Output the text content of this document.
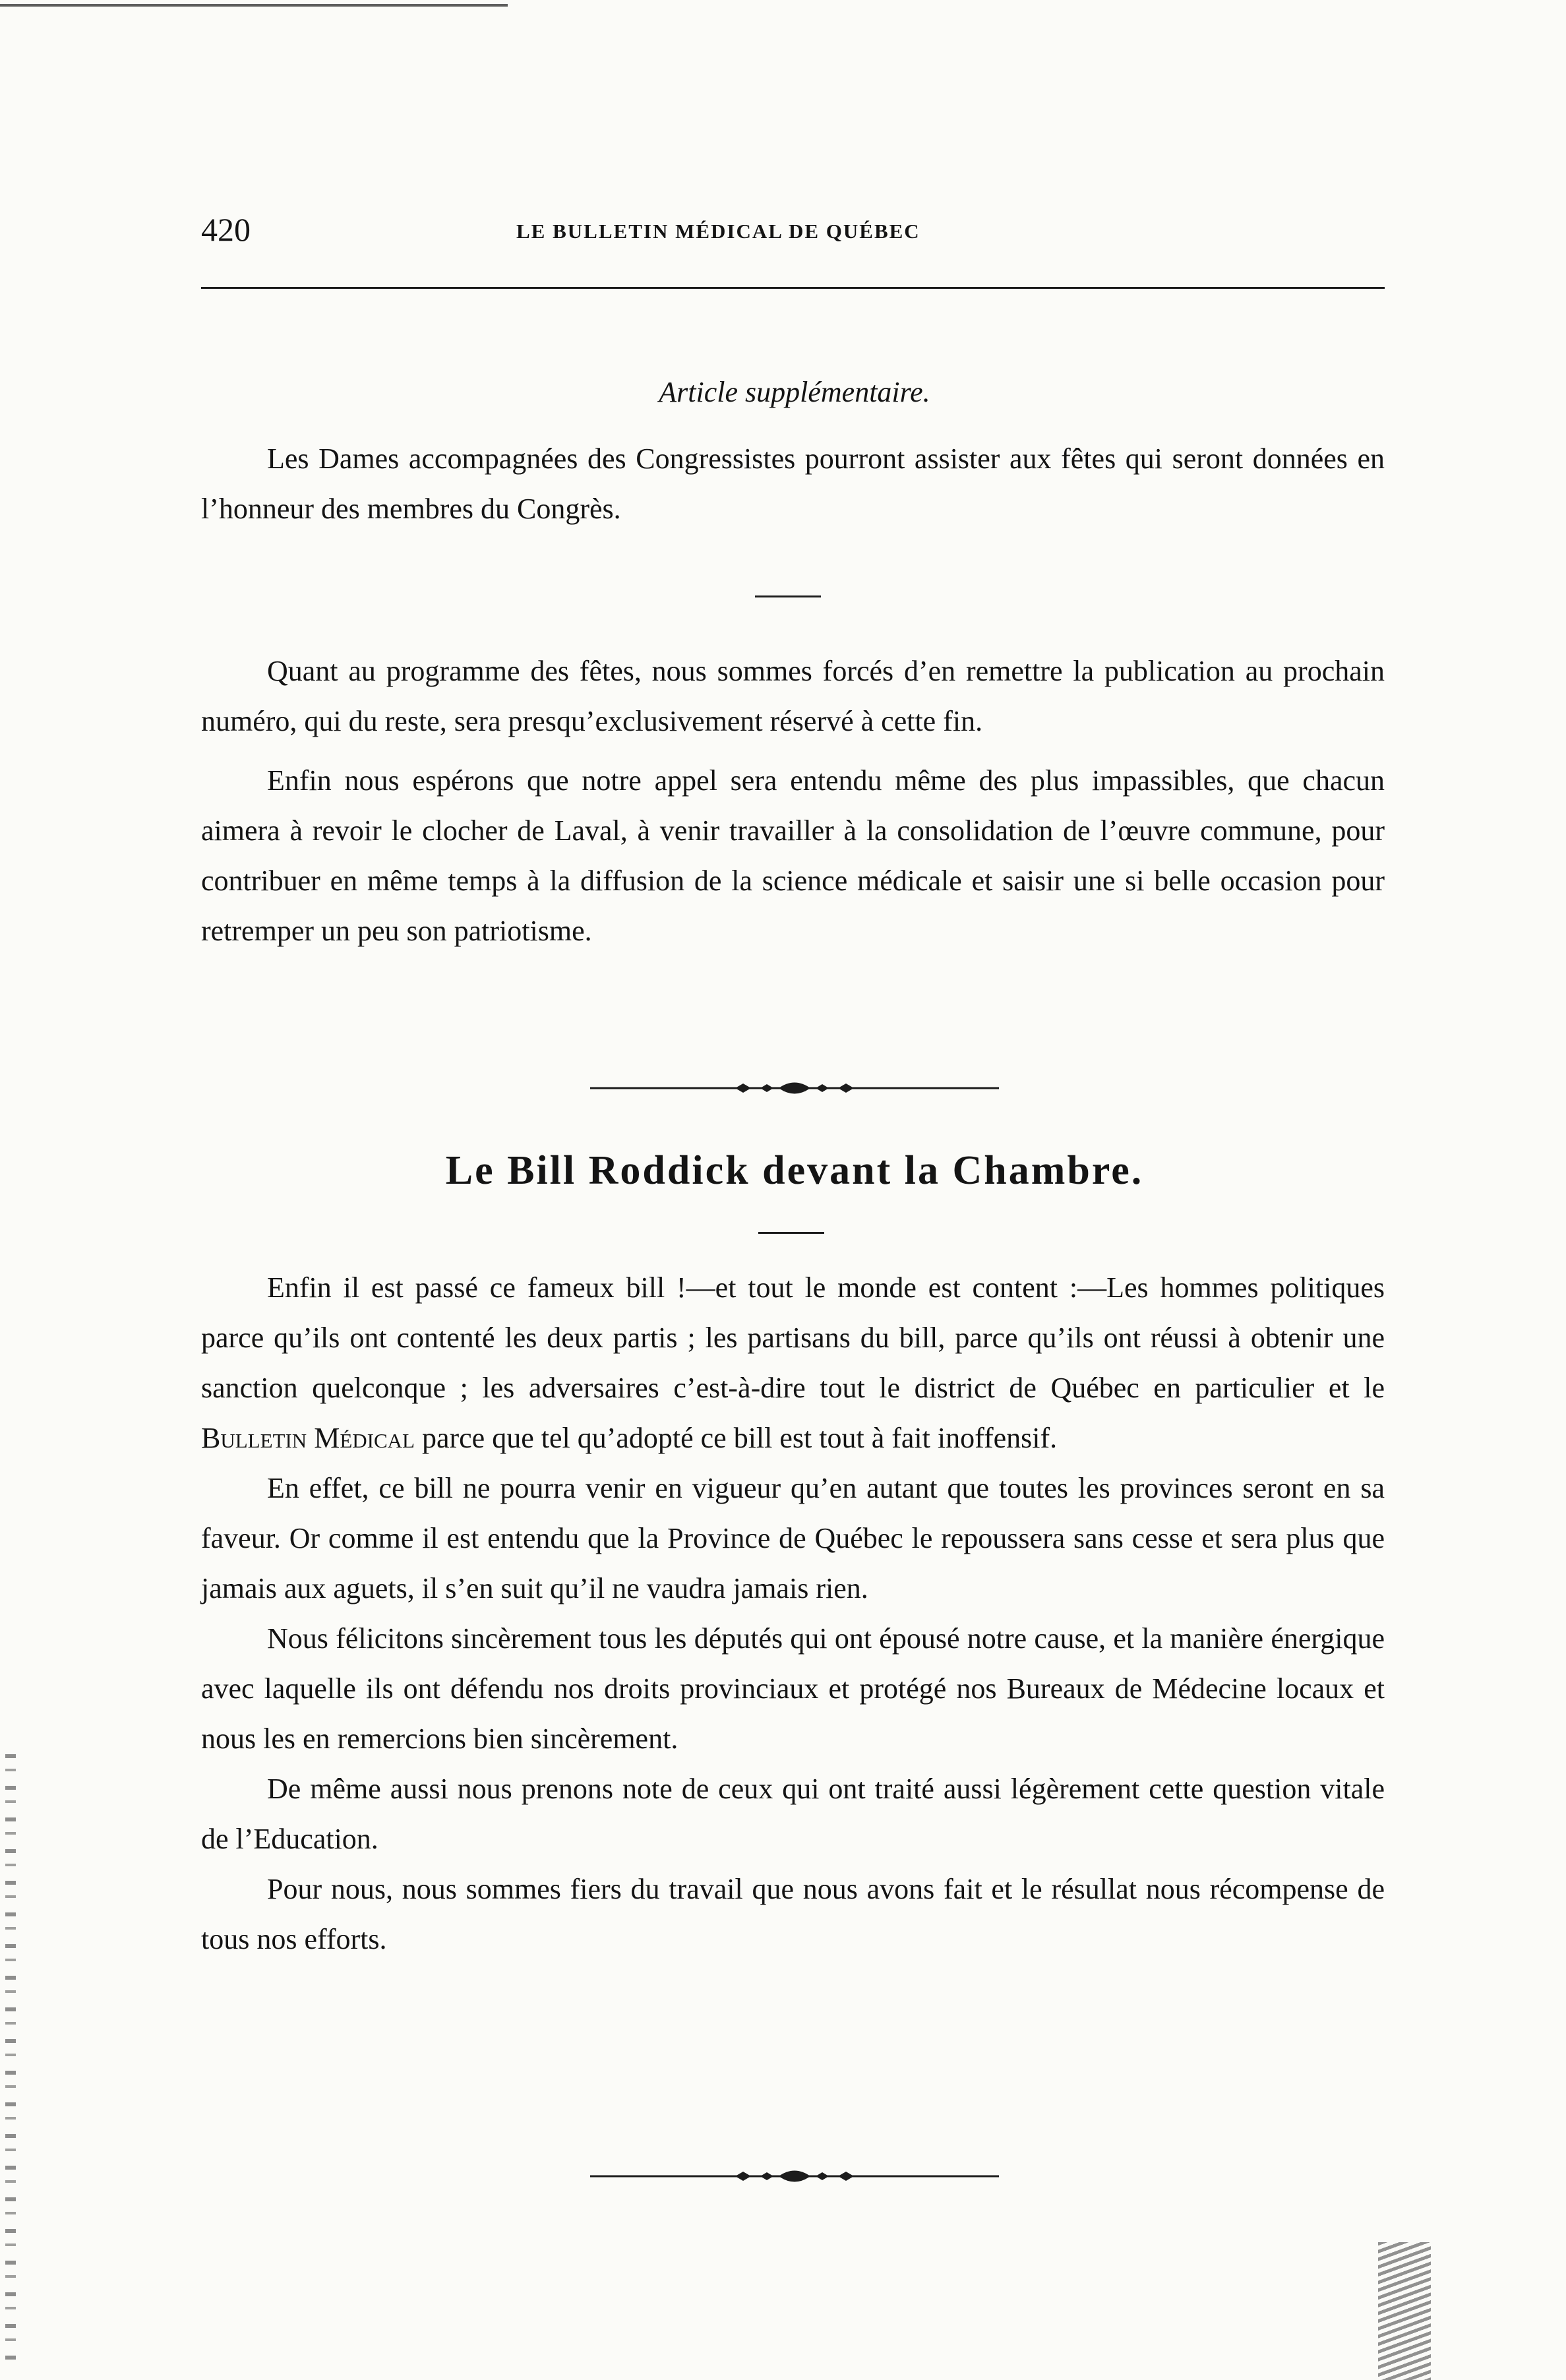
420	LE BULLETIN MÉDICAL DE QUÉBEC
Article supplémentaire.

Les Dames accompagnées des Congressistes pourront assister aux fêtes qui seront données en l’honneur des membres du Congrès.

Quant au programme des fêtes, nous sommes forcés d’en remettre la publication au prochain numéro, qui du reste, sera presqu’exclusivement réservé à cette fin.

Enfin nous espérons que notre appel sera entendu même des plus impassibles, que chacun aimera à revoir le clocher de Laval, à venir travailler à la consolidation de l’œuvre commune, pour contribuer en même temps à la diffusion de la science médicale et saisir une si belle occasion pour retremper un peu son patriotisme.

Le Bill Roddick devant la Chambre.

Enfin il est passé ce fameux bill !—et tout le monde est content :—Les hommes politiques parce qu’ils ont contenté les deux partis ; les partisans du bill, parce qu’ils ont réussi à obtenir une sanction quelconque ; les adversaires c’est-à-dire tout le district de Québec en particulier et le Bulletin Médical parce que tel qu’adopté ce bill est tout à fait inoffensif.

En effet, ce bill ne pourra venir en vigueur qu’en autant que toutes les provinces seront en sa faveur. Or comme il est entendu que la Province de Québec le repoussera sans cesse et sera plus que jamais aux aguets, il s’en suit qu’il ne vaudra jamais rien.

Nous félicitons sincèrement tous les députés qui ont épousé notre cause, et la manière énergique avec laquelle ils ont défendu nos droits provinciaux et protégé nos Bureaux de Médecine locaux et nous les en remercions bien sincèrement.

De même aussi nous prenons note de ceux qui ont traité aussi légèrement cette question vitale de l’Education.

Pour nous, nous sommes fiers du travail que nous avons fait et le résullat nous récompense de tous nos efforts.
